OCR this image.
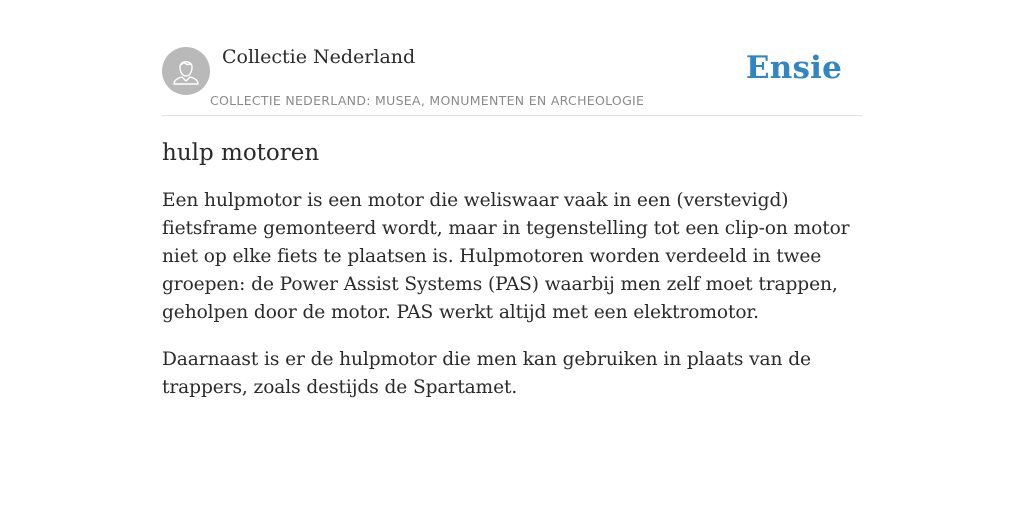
Collectie Nederland
COLLECTIE NEDERLAND: MUSEA, MONUMENTEN EN ARCHEOLOGIE
Ensie
hulp motoren

Een hulpmotor is een motor die weliswaar vaak in een (verstevigd) fietsframe gemonteerd wordt, maar in tegenstelling tot een clip-on motor niet op elke fiets te plaatsen is. Hulpmotoren worden verdeeld in twee groepen: de Power Assist Systems (PAS) waarbij men zelf moet trappen, geholpen door de motor. PAS werkt altijd met een elektromotor.

Daarnaast is er de hulpmotor die men kan gebruiken in plaats van de trappers, zoals destijds de Spartamet.
